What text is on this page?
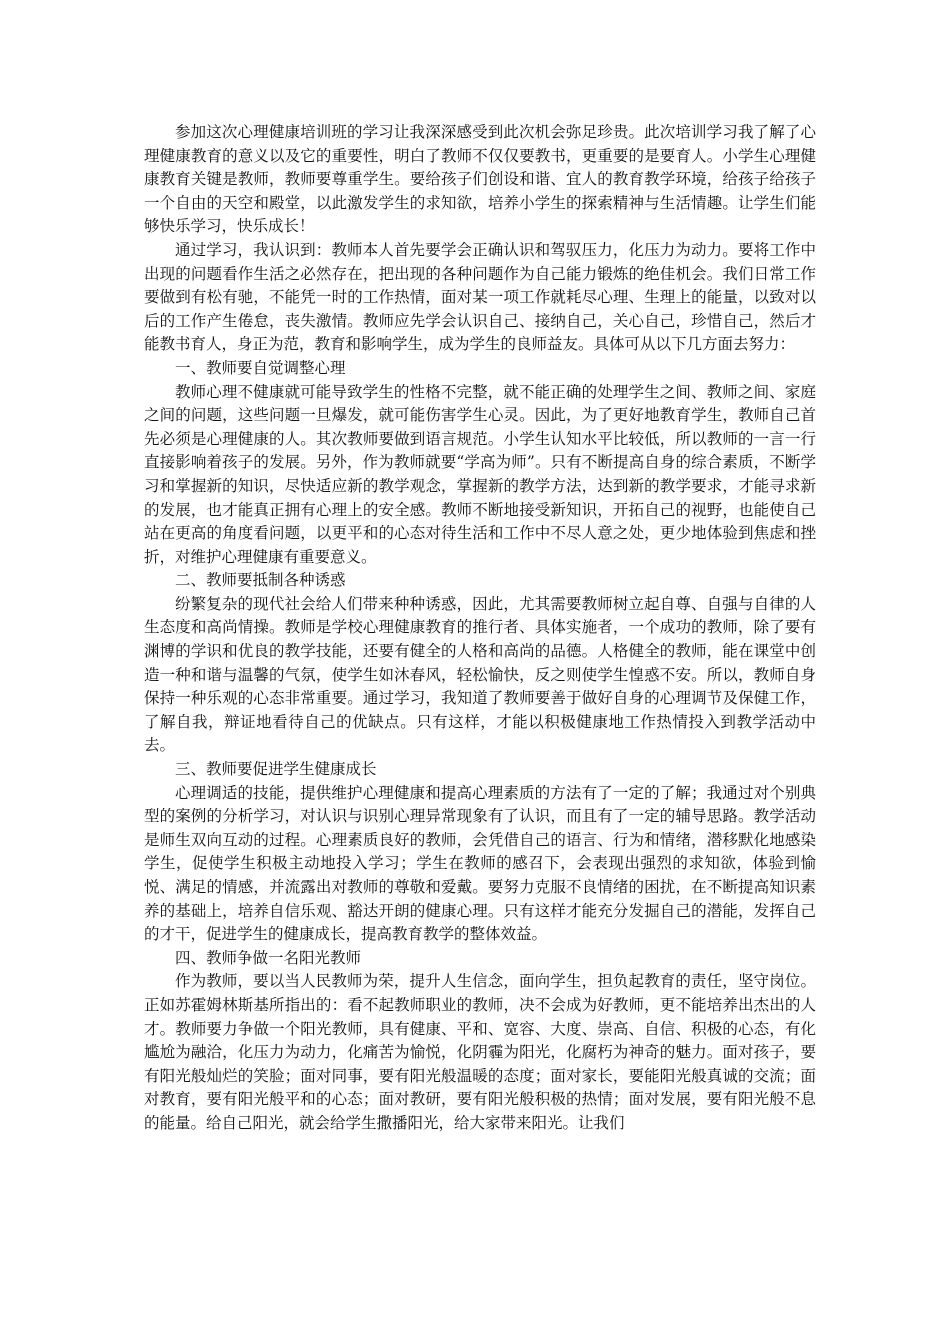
参加这次心理健康培训班的学习让我深深感受到此次机会弥足珍贵。此次培训学习我了解了心理健康教育的意义以及它的重要性，明白了教师不仅仅要教书，更重要的是要育人。小学生心理健康教育关键是教师，教师要尊重学生。要给孩子们创设和谐、宜人的教育教学环境，给孩子给孩子一个自由的天空和殿堂，以此激发学生的求知欲，培养小学生的探索精神与生活情趣。让学生们能够快乐学习，快乐成长！

通过学习，我认识到：教师本人首先要学会正确认识和驾驭压力，化压力为动力。要将工作中出现的问题看作生活之必然存在，把出现的各种问题作为自己能力锻炼的绝佳机会。我们日常工作要做到有松有驰，不能凭一时的工作热情，面对某一项工作就耗尽心理、生理上的能量，以致对以后的工作产生倦怠，丧失激情。教师应先学会认识自己、接纳自己，关心自己，珍惜自己，然后才能教书育人，身正为范，教育和影响学生，成为学生的良师益友。具体可从以下几方面去努力：

一、教师要自觉调整心理

教师心理不健康就可能导致学生的性格不完整，就不能正确的处理学生之间、教师之间、家庭之间的问题，这些问题一旦爆发，就可能伤害学生心灵。因此，为了更好地教育学生，教师自己首先必须是心理健康的人。其次教师要做到语言规范。小学生认知水平比较低，所以教师的一言一行直接影响着孩子的发展。另外，作为教师就要“学高为师”。只有不断提高自身的综合素质，不断学习和掌握新的知识，尽快适应新的教学观念，掌握新的教学方法，达到新的教学要求，才能寻求新的发展，也才能真正拥有心理上的安全感。教师不断地接受新知识，开拓自己的视野，也能使自己站在更高的角度看问题，以更平和的心态对待生活和工作中不尽人意之处，更少地体验到焦虑和挫折，对维护心理健康有重要意义。

二、教师要抵制各种诱惑

纷繁复杂的现代社会给人们带来种种诱惑，因此，尤其需要教师树立起自尊、自强与自律的人生态度和高尚情操。教师是学校心理健康教育的推行者、具体实施者，一个成功的教师，除了要有渊博的学识和优良的教学技能，还要有健全的人格和高尚的品德。人格健全的教师，能在课堂中创造一种和谐与温馨的气氛，使学生如沐春风，轻松愉快，反之则使学生惶惑不安。所以，教师自身保持一种乐观的心态非常重要。通过学习，我知道了教师要善于做好自身的心理调节及保健工作，了解自我，辩证地看待自己的优缺点。只有这样，才能以积极健康地工作热情投入到教学活动中去。

三、教师要促进学生健康成长

心理调适的技能，提供维护心理健康和提高心理素质的方法有了一定的了解；我通过对个别典型的案例的分析学习，对认识与识别心理异常现象有了认识，而且有了一定的辅导思路。教学活动是师生双向互动的过程。心理素质良好的教师，会凭借自己的语言、行为和情绪，潜移默化地感染学生，促使学生积极主动地投入学习；学生在教师的感召下，会表现出强烈的求知欲，体验到愉悦、满足的情感，并流露出对教师的尊敬和爱戴。要努力克服不良情绪的困扰，在不断提高知识素养的基础上，培养自信乐观、豁达开朗的健康心理。只有这样才能充分发掘自己的潜能，发挥自己的才干，促进学生的健康成长，提高教育教学的整体效益。

四、教师争做一名阳光教师

作为教师，要以当人民教师为荣，提升人生信念，面向学生，担负起教育的责任，坚守岗位。正如苏霍姆林斯基所指出的：看不起教师职业的教师，决不会成为好教师，更不能培养出杰出的人才。教师要力争做一个阳光教师，具有健康、平和、宽容、大度、崇高、自信、积极的心态，有化尴尬为融洽，化压力为动力，化痛苦为愉悦，化阴霾为阳光，化腐朽为神奇的魅力。面对孩子，要有阳光般灿烂的笑脸；面对同事，要有阳光般温暖的态度；面对家长，要能阳光般真诚的交流；面对教育，要有阳光般平和的心态；面对教研，要有阳光般积极的热情；面对发展，要有阳光般不息的能量。给自己阳光，就会给学生撒播阳光，给大家带来阳光。让我们
